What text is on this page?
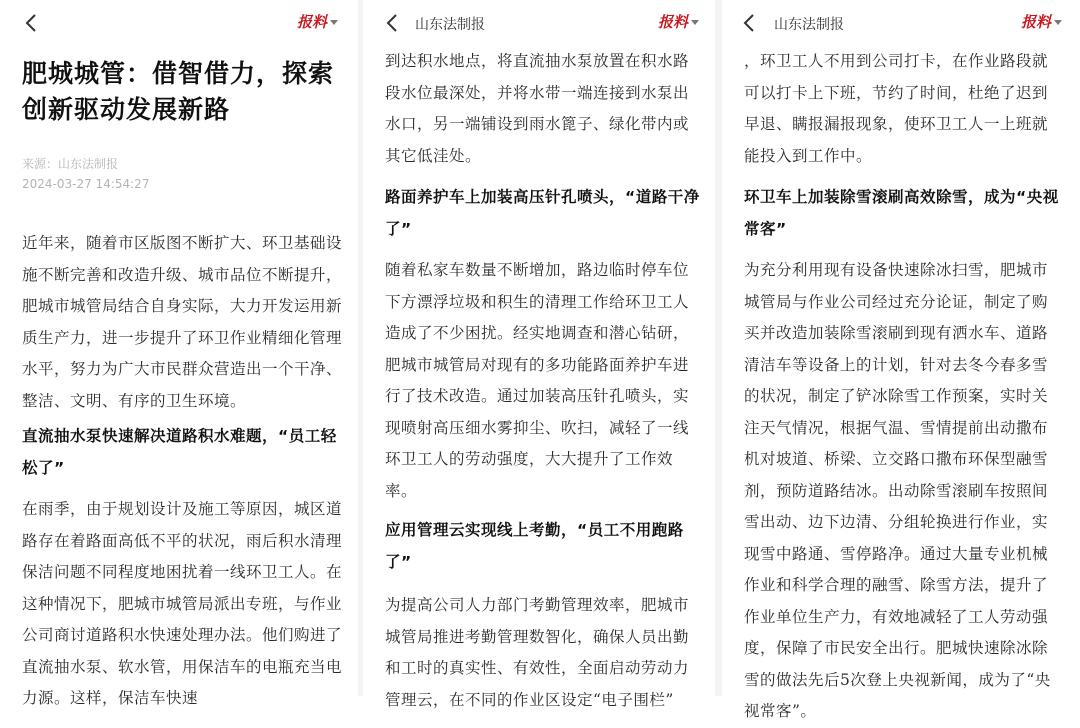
报料
肥城城管：借智借力，探索创新驱动发展新路
来源：山东法制报
2024-03-27 14:54:27
近年来，随着市区版图不断扩大、环卫基础设施不断完善和改造升级、城市品位不断提升，肥城市城管局结合自身实际，大力开发运用新质生产力，进一步提升了环卫作业精细化管理水平，努力为广大市民群众营造出一个干净、整洁、文明、有序的卫生环境。
直流抽水泵快速解决道路积水难题，“员工轻松了”
在雨季，由于规划设计及施工等原因，城区道路存在着路面高低不平的状况，雨后积水清理保洁问题不同程度地困扰着一线环卫工人。在这种情况下，肥城市城管局派出专班，与作业公司商讨道路积水快速处理办法。他们购进了直流抽水泵、软水管，用保洁车的电瓶充当电力源。这样，保洁车快速
山东法制报	报料
到达积水地点，将直流抽水泵放置在积水路段水位最深处，并将水带一端连接到水泵出水口，另一端铺设到雨水篦子、绿化带内或其它低洼处。
路面养护车上加装高压针孔喷头，“道路干净了”
随着私家车数量不断增加，路边临时停车位下方漂浮垃圾和积生的清理工作给环卫工人造成了不少困扰。经实地调查和潜心钻研，肥城市城管局对现有的多功能路面养护车进行了技术改造。通过加装高压针孔喷头，实现喷射高压细水雾抑尘、吹扫，减轻了一线环卫工人的劳动强度，大大提升了工作效率。
应用管理云实现线上考勤，“员工不用跑路了”
为提高公司人力部门考勤管理效率，肥城市城管局推进考勤管理数智化，确保人员出勤和工时的真实性、有效性，全面启动劳动力管理云，在不同的作业区设定“电子围栏”
山东法制报	报料
，环卫工人不用到公司打卡，在作业路段就可以打卡上下班，节约了时间，杜绝了迟到早退、瞒报漏报现象，使环卫工人一上班就能投入到工作中。
环卫车上加装除雪滚刷高效除雪，成为“央视常客”
为充分利用现有设备快速除冰扫雪，肥城市城管局与作业公司经过充分论证，制定了购买并改造加装除雪滚刷到现有洒水车、道路清洁车等设备上的计划，针对去冬今春多雪的状况，制定了铲冰除雪工作预案，实时关注天气情况，根据气温、雪情提前出动撒布机对坡道、桥梁、立交路口撒布环保型融雪剂，预防道路结冰。出动除雪滚刷车按照间雪出动、边下边清、分组轮换进行作业，实现雪中路通、雪停路净。通过大量专业机械作业和科学合理的融雪、除雪方法，提升了作业单位生产力，有效地减轻了工人劳动强度，保障了市民安全出行。肥城快速除冰除雪的做法先后5次登上央视新闻，成为了“央视常客”。
